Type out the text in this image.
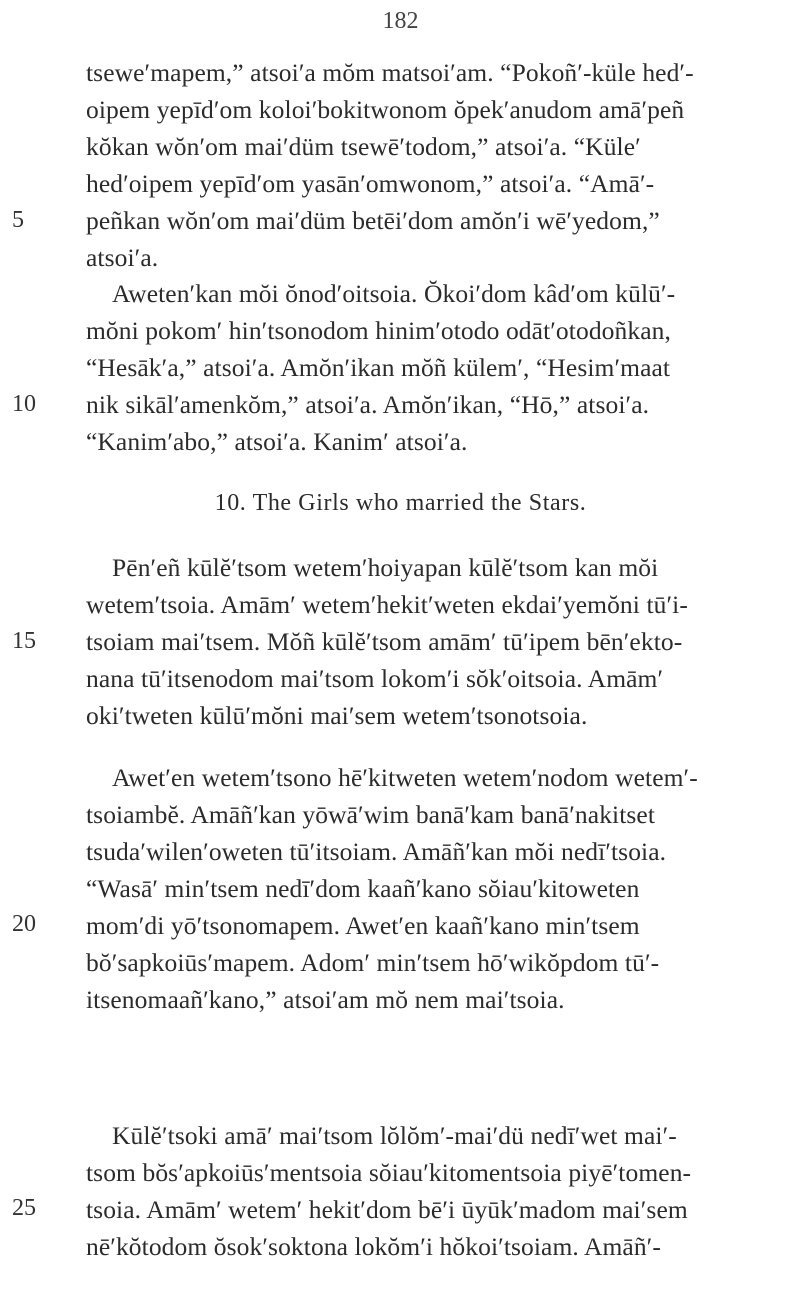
182
5
10
15
20
25
tsewe′mapem,” atsoi′a mŏm matsoi′am. “Pokoñ′-küle hed′-
oipem yepīd′om koloi′bokitwonom ŏpek′anudom amā′peñ
kŏkan wŏn′om mai′düm tsewē′todom,” atsoi′a. “Küle′
hed′oipem yepīd′om yasān′omwonom,” atsoi′a. “Amā′-
peñkan wŏn′om mai′düm betēi′dom amŏn′i wē′yedom,”
atsoi′a.
Aweten′kan mŏi ŏnod′oitsoia. Ŏkoi′dom kâd′om kūlū′-
mŏni pokom′ hin′tsonodom hinim′otodo odāt′otodoñkan,
“Hesāk′a,” atsoi′a. Amŏn′ikan mŏñ külem′, “Hesim′maat
nik sikāl′amenkŏm,” atsoi′a. Amŏn′ikan, “Hō,” atsoi′a.
“Kanim′abo,” atsoi′a. Kanim′ atsoi′a.
10. The Girls who married the Stars.
Pēn′eñ kūlĕ′tsom wetem′hoiyapan kūlĕ′tsom kan mŏi
wetem′tsoia. Amām′ wetem′hekit′weten ekdai′yemŏni tū′i-
tsoiam mai′tsem. Mŏñ kūlĕ′tsom amām′ tū′ipem bēn′ekto-
nana tū′itsenodom mai′tsom lokom′i sŏk′oitsoia. Amām′
oki′tweten kūlū′mŏni mai′sem wetem′tsonotsoia.
Awet′en wetem′tsono hē′kitweten wetem′nodom wetem′-
tsoiambĕ. Amāñ′kan yōwā′wim banā′kam banā′nakitset
tsuda′wilen′oweten tū′itsoiam. Amāñ′kan mŏi nedī′tsoia.
“Wasā′ min′tsem nedī′dom kaañ′kano sŏiau′kitoweten
mom′di yō′tsonomapem. Awet′en kaañ′kano min′tsem
bŏ′sapkoiūs′mapem. Adom′ min′tsem hō′wikŏpdom tū′-
itsenomaañ′kano,” atsoi′am mŏ nem mai′tsoia.
Kūlĕ′tsoki amā′ mai′tsom lŏlŏm′-mai′dü nedī′wet mai′-
tsom bŏs′apkoiūs′mentsoia sŏiau′kitomentsoia piyē′tomen-
tsoia. Amām′ wetem′ hekit′dom bē′i ūyūk′madom mai′sem
nē′kŏtodom ŏsok′soktona lokŏm′i hŏkoi′tsoiam. Amāñ′-
